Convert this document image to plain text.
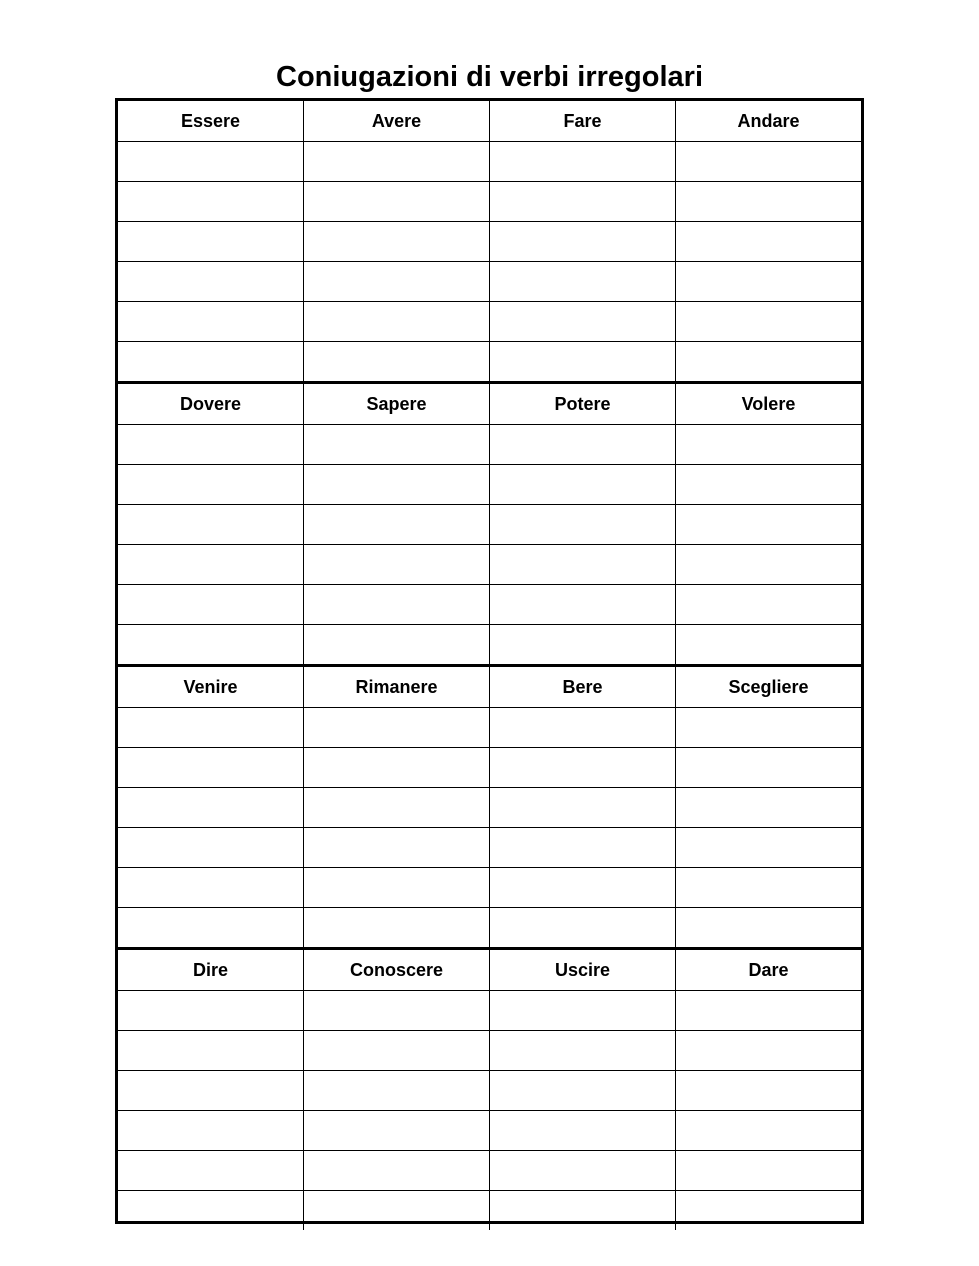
Coniugazioni di verbi irregolari
Essere	Avere	Fare	Andare
Dovere	Sapere	Potere	Volere
Venire	Rimanere	Bere	Scegliere
Dire	Conoscere	Uscire	Dare
